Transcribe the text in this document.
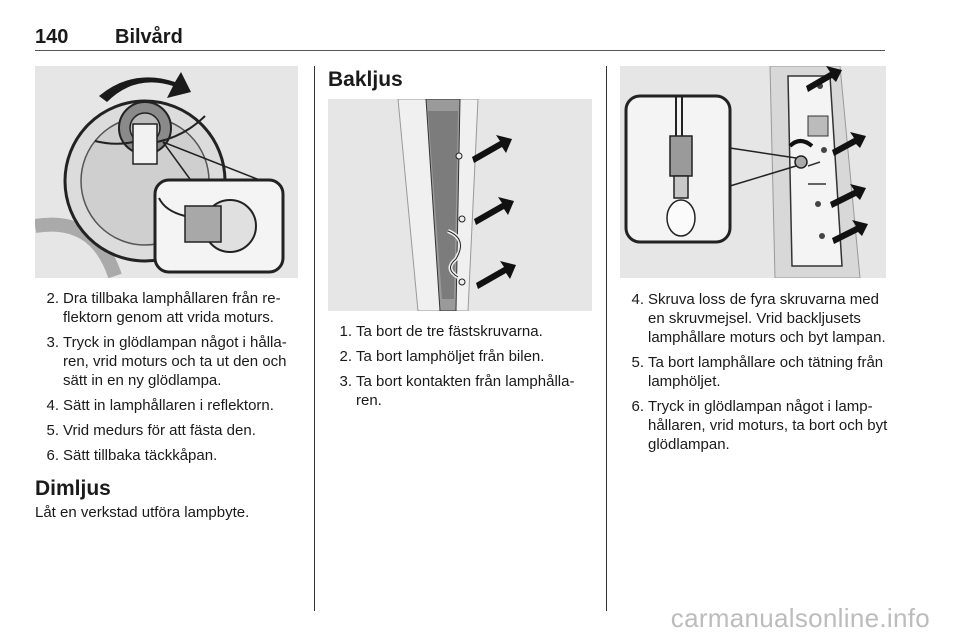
140 Bilvård
2. Dra tillbaka lamphållaren från reflektorn genom att vrida moturs.
3. Tryck in glödlampan något i hållaren, vrid moturs och ta ut den och sätt in en ny glödlampa.
4. Sätt in lamphållaren i reflektorn.
5. Vrid medurs för att fästa den.
6. Sätt tillbaka täckkåpan.
Dimljus
Låt en verkstad utföra lampbyte.
Bakljus
1. Ta bort de tre fästskruvarna.
2. Ta bort lamphöljet från bilen.
3. Ta bort kontakten från lamphållaren.
4. Skruva loss de fyra skruvarna med en skruvmejsel. Vrid backljusets lamphållare moturs och byt lampan.
5. Ta bort lamphållare och tätning från lamphöljet.
6. Tryck in glödlampan något i lamphållaren, vrid moturs, ta bort och byt glödlampan.
carmanualsonline.info
